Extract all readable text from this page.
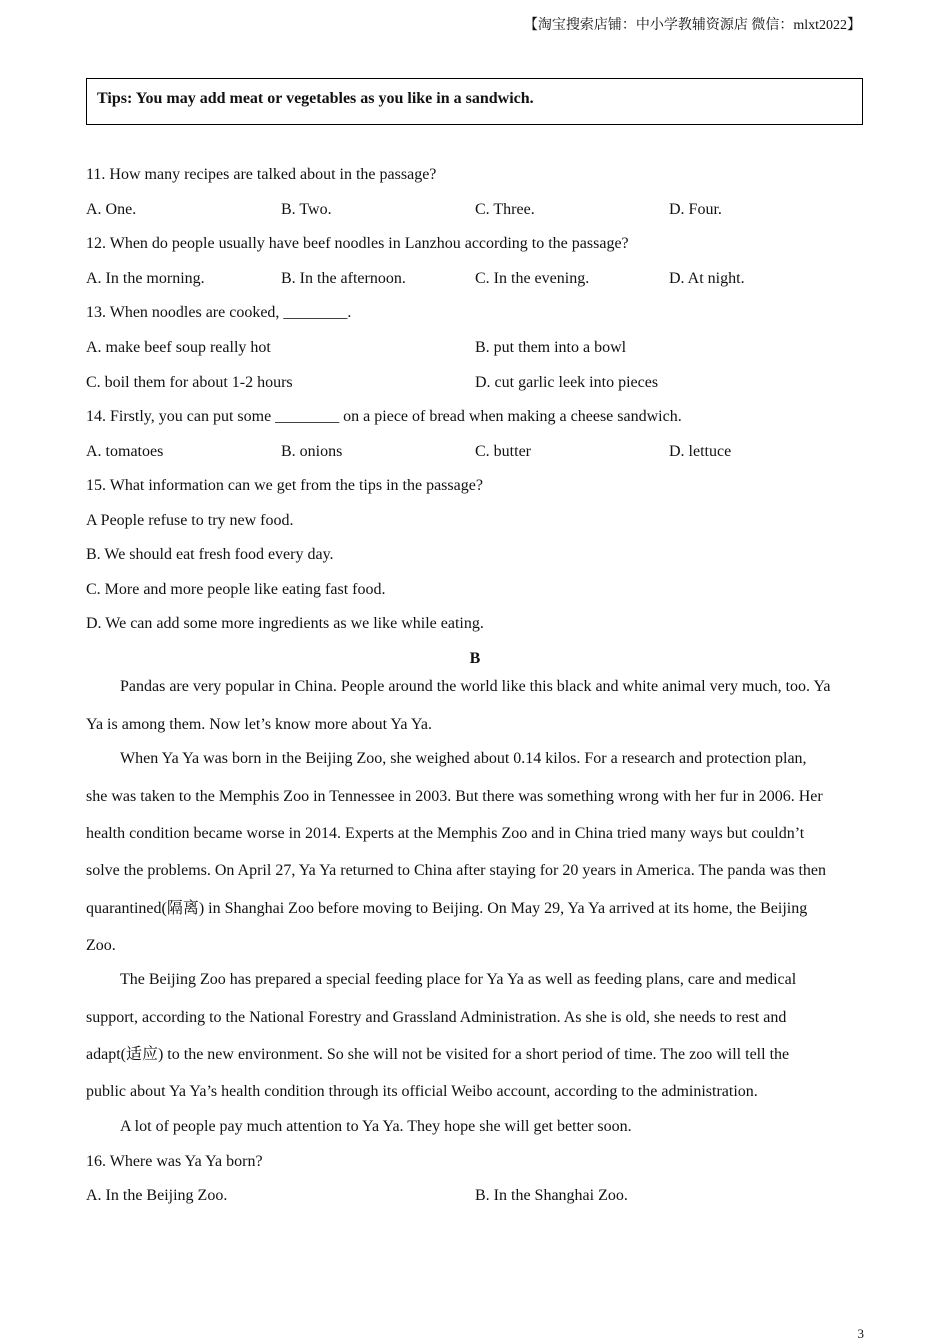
【淘宝搜索店铺：中小学教辅资源店 微信：mlxt2022】
Tips: You may add meat or vegetables as you like in a sandwich.
11. How many recipes are talked about in the passage?
A. One.	B. Two.	C. Three.	D. Four.
12. When do people usually have beef noodles in Lanzhou according to the passage?
A. In the morning.	B. In the afternoon.	C. In the evening.	D. At night.
13. When noodles are cooked, ________.
A. make beef soup really hot	B. put them into a bowl
C. boil them for about 1-2 hours	D. cut garlic leek into pieces
14. Firstly, you can put some ________ on a piece of bread when making a cheese sandwich.
A. tomatoes	B. onions	C. butter	D. lettuce
15. What information can we get from the tips in the passage?
A People refuse to try new food.
B. We should eat fresh food every day.
C. More and more people like eating fast food.
D. We can add some more ingredients as we like while eating.
B
Pandas are very popular in China. People around the world like this black and white animal very much, too. Ya
Ya is among them. Now let’s know more about Ya Ya.
When Ya Ya was born in the Beijing Zoo, she weighed about 0.14 kilos. For a research and protection plan,
she was taken to the Memphis Zoo in Tennessee in 2003. But there was something wrong with her fur in 2006. Her
health condition became worse in 2014. Experts at the Memphis Zoo and in China tried many ways but couldn’t
solve the problems. On April 27, Ya Ya returned to China after staying for 20 years in America. The panda was then
quarantined(隔离) in Shanghai Zoo before moving to Beijing. On May 29, Ya Ya arrived at its home, the Beijing
Zoo.
The Beijing Zoo has prepared a special feeding place for Ya Ya as well as feeding plans, care and medical
support, according to the National Forestry and Grassland Administration. As she is old, she needs to rest and
adapt(适应) to the new environment. So she will not be visited for a short period of time. The zoo will tell the
public about Ya Ya’s health condition through its official Weibo account, according to the administration.
A lot of people pay much attention to Ya Ya. They hope she will get better soon.
16. Where was Ya Ya born?
A. In the Beijing Zoo.	B. In the Shanghai Zoo.
3
